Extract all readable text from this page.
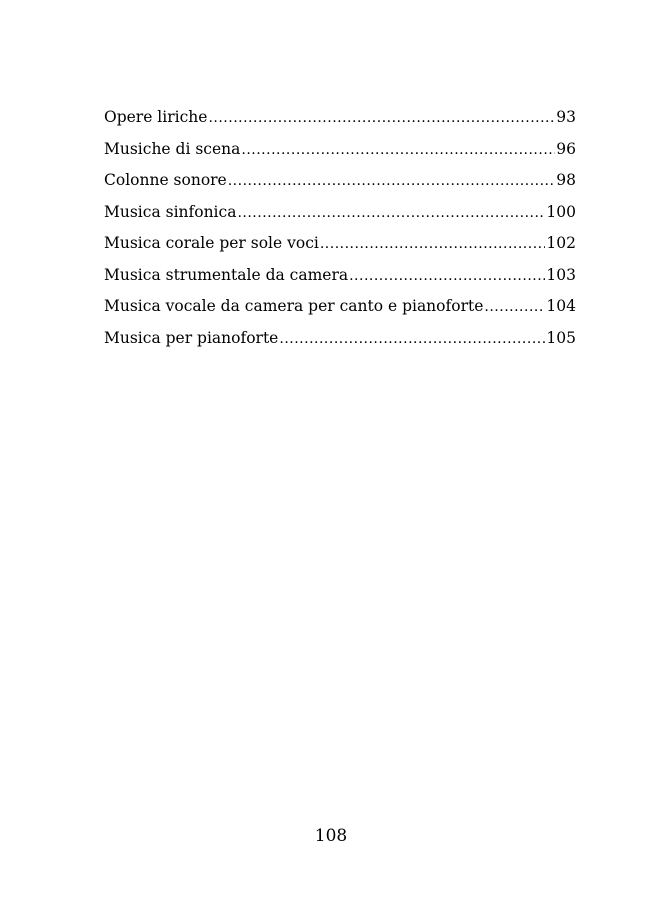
Opere liriche .....	93
Musiche di scena .....	96
Colonne sonore .....	98
Musica sinfonica .....	100
Musica corale per sole voci .....	102
Musica strumentale da camera .....	103
Musica vocale da camera per canto e pianoforte .....	104
Musica per pianoforte .....	105
108
